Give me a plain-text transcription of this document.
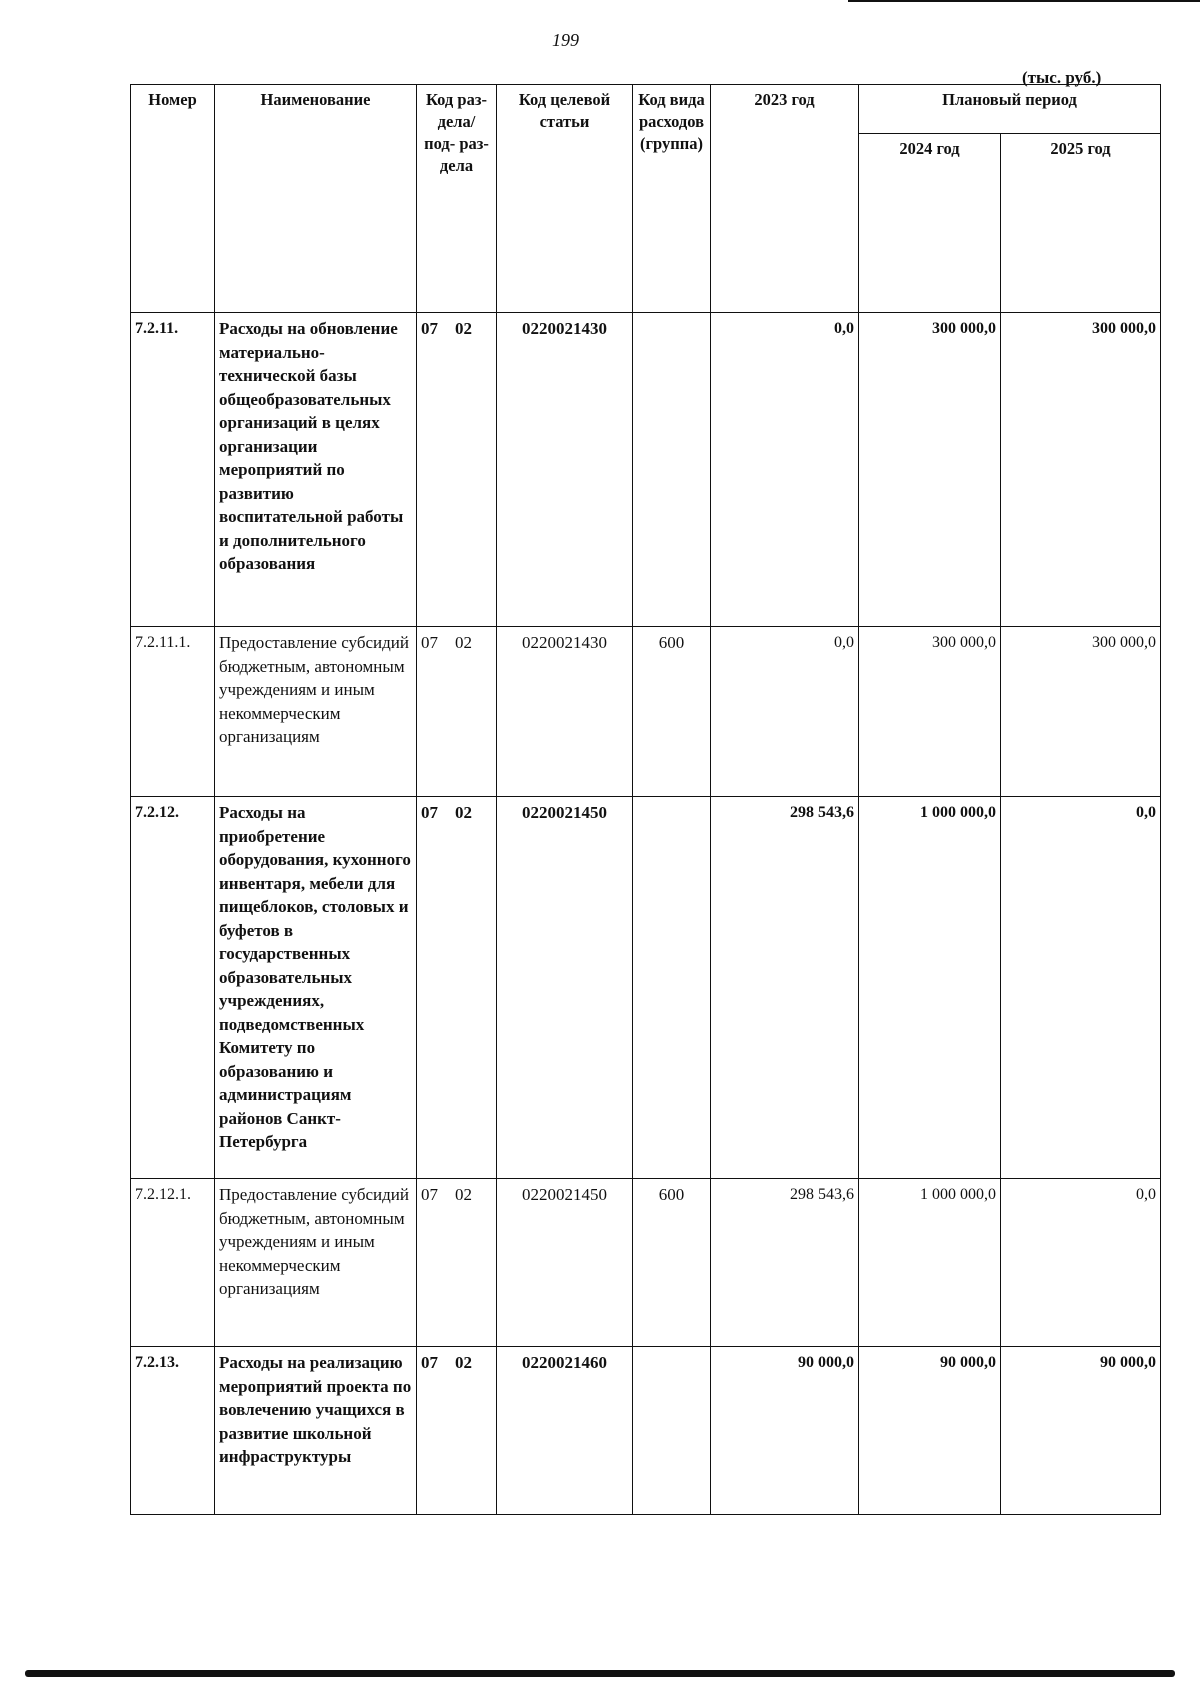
199
(тыс. руб.)
Номер	Наименование	Код раз- дела/ под- раз- дела	Код целевой статьи	Код вида расходов (группа)	2023 год	Плановый период	
						2024 год	2025 год
7.2.11.	Расходы на обновление материально-технической базы общеобразовательных организаций в целях организации мероприятий по развитию воспитательной работы и дополнительного образования	07 02	0220021430		0,0	300 000,0	300 000,0
7.2.11.1.	Предоставление субсидий бюджетным, автономным учреждениям и иным некоммерческим организациям	07 02	0220021430	600	0,0	300 000,0	300 000,0
7.2.12.	Расходы на приобретение оборудования, кухонного инвентаря, мебели для пищеблоков, столовых и буфетов в государственных образовательных учреждениях, подведомственных Комитету по образованию и администрациям районов Санкт-Петербурга	07 02	0220021450		298 543,6	1 000 000,0	0,0
7.2.12.1.	Предоставление субсидий бюджетным, автономным учреждениям и иным некоммерческим организациям	07 02	0220021450	600	298 543,6	1 000 000,0	0,0
7.2.13.	Расходы на реализацию мероприятий проекта по вовлечению учащихся в развитие школьной инфраструктуры	07 02	0220021460		90 000,0	90 000,0	90 000,0
